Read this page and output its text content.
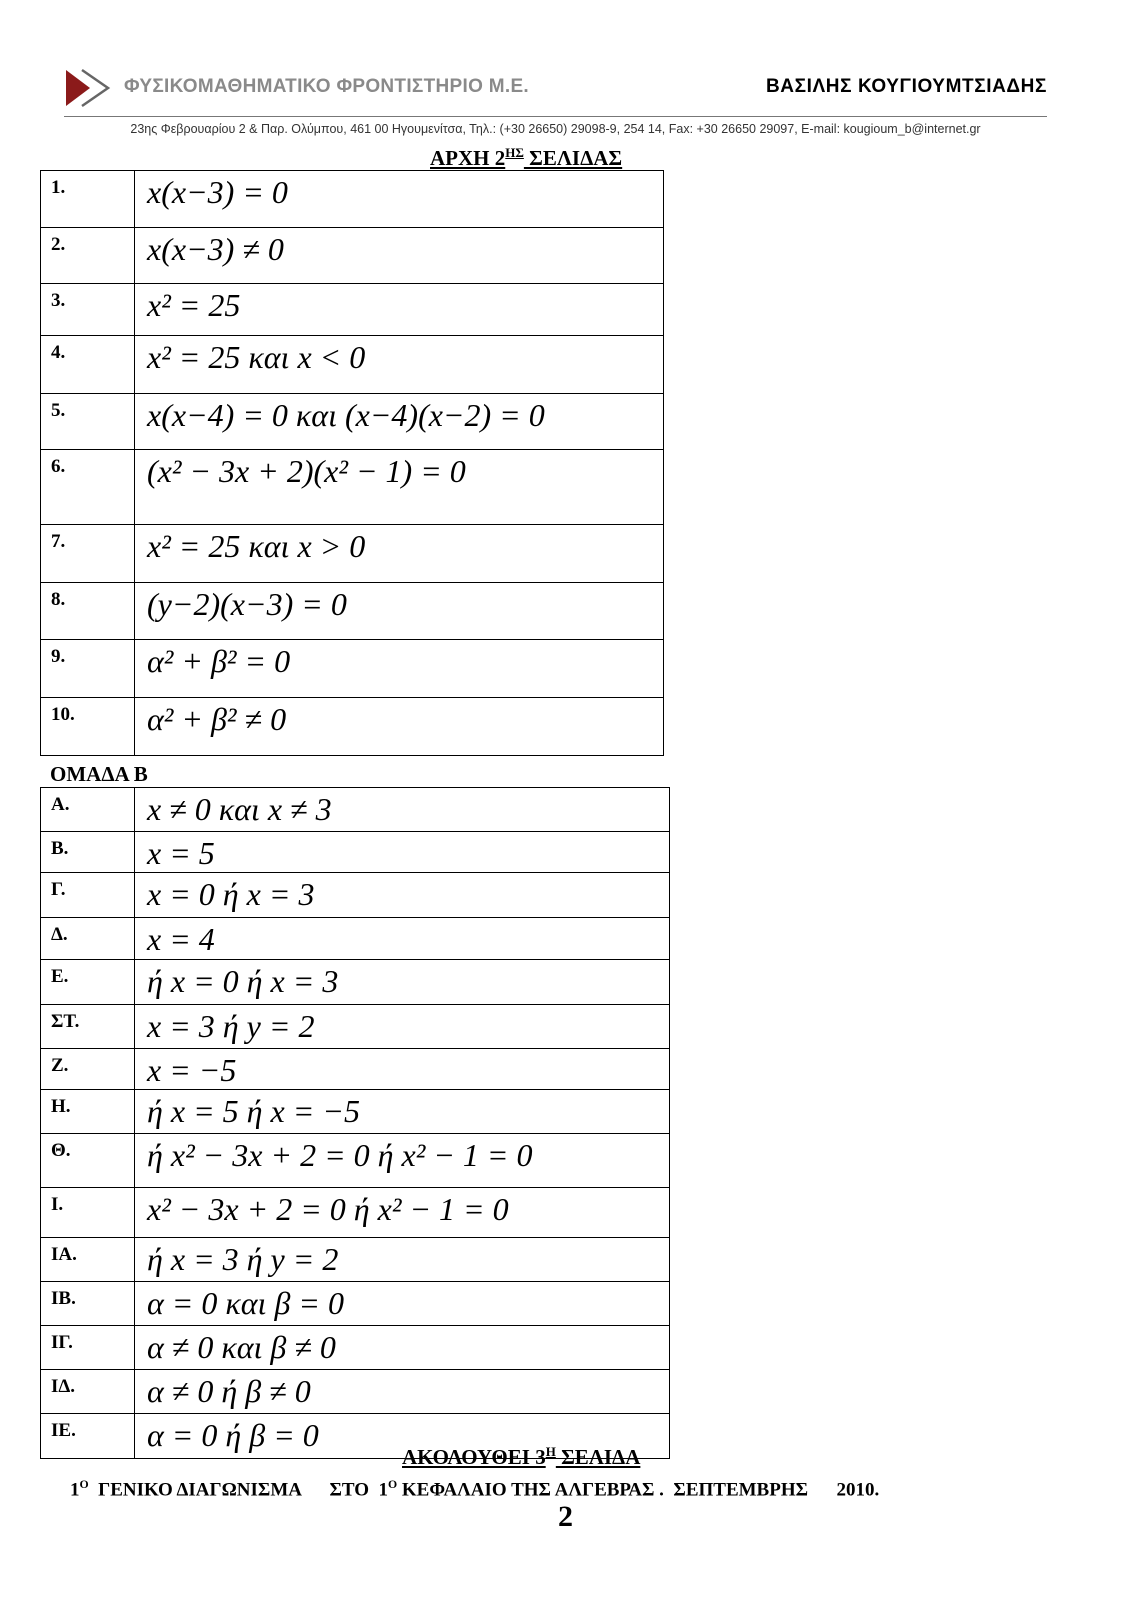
ΦΥΣΙΚΟΜΑΘΗΜΑΤΙΚΟ ΦΡΟΝΤΙΣΤΗΡΙΟ Μ.Ε.	ΒΑΣΙΛΗΣ ΚΟΥΓΙΟΥΜΤΣΙΑΔΗΣ
23ης Φεβρουαρίου 2 & Παρ. Ολύμπου, 461 00 Ηγουμενίτσα, Τηλ.: (+30 26650) 29098-9, 254 14, Fax: +30 26650 29097, E-mail: kougioum_b@internet.gr
ΑΡΧΗ $2^{H\Sigma}$ ΣΕΛΙΔΑΣ
1.	x(x−3) = 0
2.	x(x−3) ≠ 0
3.	x² = 25
4.	x² = 25 και x < 0
5.	x(x−4) = 0 και (x−4)(x−2) = 0
6.	(x² − 3x + 2)(x² − 1) = 0
7.	x² = 25 και x > 0
8.	(y−2)(x−3) = 0
9.	α² + β² = 0
10.	α² + β² ≠ 0
ΟΜΑΔΑ Β
Α.	x ≠ 0 και x ≠ 3
Β.	x = 5
Γ.	x = 0 ή x = 3
Δ.	x = 4
Ε.	ή x = 0 ή x = 3
ΣΤ.	x = 3 ή y = 2
Ζ.	x = −5
Η.	ή x = 5 ή x = −5
Θ.	ή x² − 3x + 2 = 0 ή x² − 1 = 0
Ι.	x² − 3x + 2 = 0 ή x² − 1 = 0
ΙΑ.	ή x = 3 ή y = 2
ΙΒ.	α = 0 και β = 0
ΙΓ.	α ≠ 0 και β ≠ 0
ΙΔ.	α ≠ 0 ή β ≠ 0
ΙΕ.	α = 0 ή β = 0
ΑΚΟΛΟΥΘΕΙ $3^H$ ΣΕΛΙΔΑ
$1^O$  ΓΕΝΙΚΟ ΔΙΑΓΩΝΙΣΜΑ      ΣΤΟ  $1^O$ ΚΕΦΑΛΑΙΟ ΤΗΣ ΑΛΓΕΒΡΑΣ .  ΣΕΠΤΕΜΒΡΗΣ      2010.
2
